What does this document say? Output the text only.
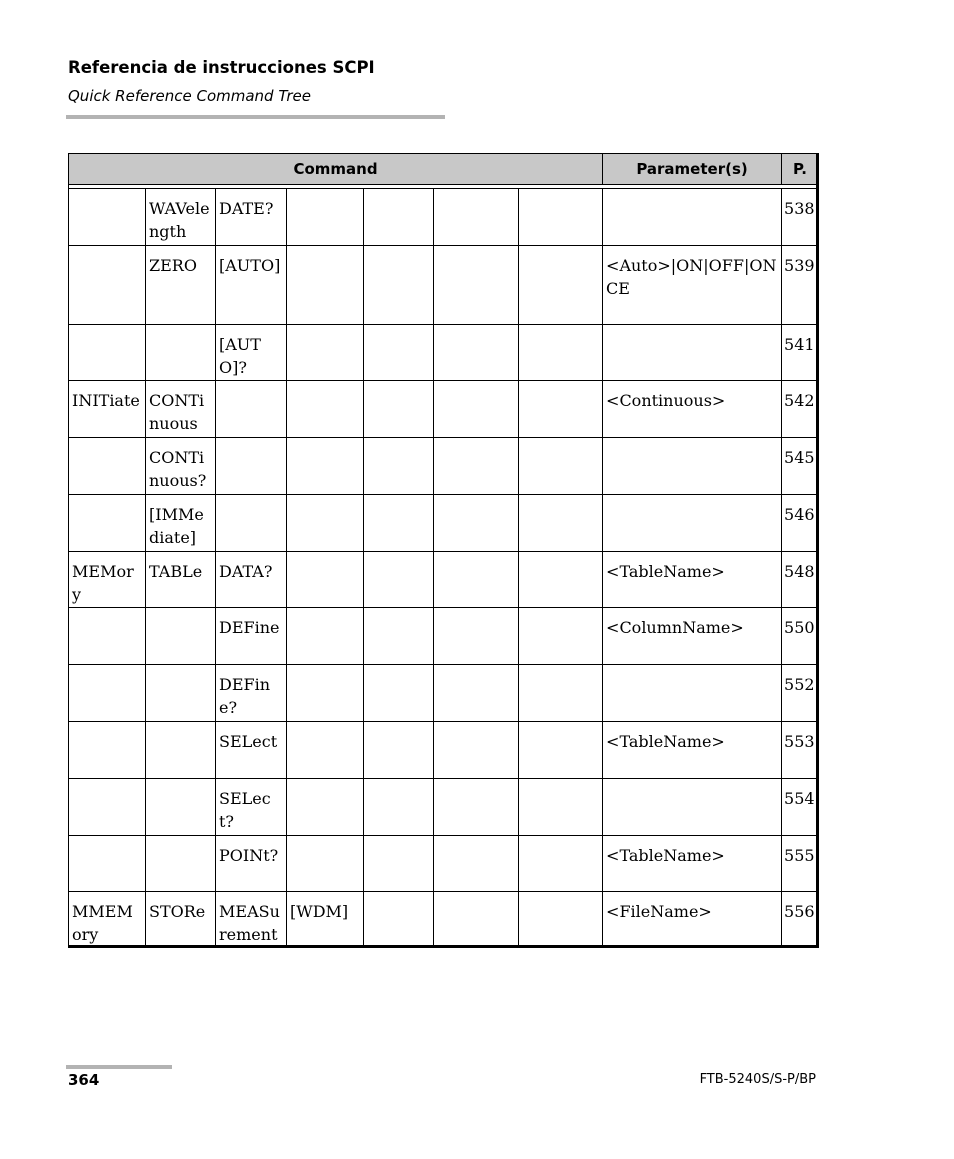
Referencia de instrucciones SCPI
Quick Reference Command Tree
Command							Parameter(s)	P.

	WAVelength	DATE?						538
	ZERO	[AUTO]					<Auto>|ON|OFF|ONCE	539
		[AUTO]?						541
INITiate	CONTinuous						<Continuous>	542
	CONTinuous?							545
	[IMMediate]							546
MEMory	TABLe	DATA?					<TableName>	548
		DEFine					<ColumnName>	550
		DEFine?						552
		SELect					<TableName>	553
		SELect?						554
		POINt?					<TableName>	555
MMEMory	STORe	MEASurement	[WDM]				<FileName>	556
364	FTB-5240S/S-P/BP
